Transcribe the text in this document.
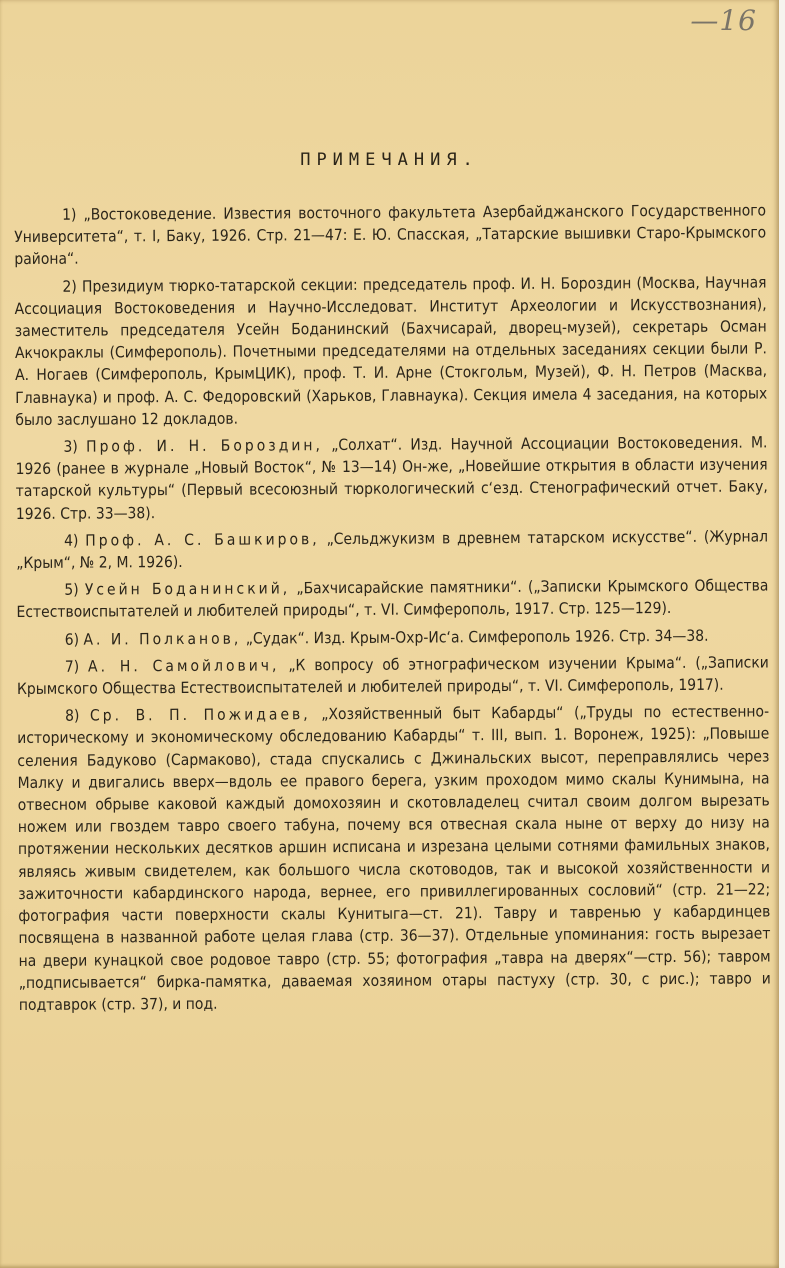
—16
ПРИМЕЧАНИЯ.

1) „Востоковедение. Известия восточного факультета Азербайджанского Государственного Университета“, т. I, Баку, 1926. Стр. 21—47: Е. Ю. Спасская, „Татарские вышивки Старо-Крымского района“.

2) Президиум тюрко-татарской секции: председатель проф. И. Н. Бороздин (Москва, Научная Ассоциация Востоковедения и Научно-Исследоват. Институт Археологии и Искусствознания), заместитель председателя Усейн Боданинский (Бахчисарай, дворец-музей), секретарь Осман Акчокраклы (Симферополь). Почетными председателями на отдельных заседаниях секции были Р. А. Ногаев (Симферополь, КрымЦИК), проф. Т. И. Арне (Стокгольм, Музей), Ф. Н. Петров (Масква, Главнаука) и проф. А. С. Федоровский (Харьков, Главнаука). Секция имела 4 заседания, на которых было заслушано 12 докладов.

3) Проф. И. Н. Бороздин, „Солхат“. Изд. Научной Ассоциации Востоковедения. М. 1926 (ранее в журнале „Новый Восток“, № 13—14) Он-же, „Новейшие открытия в области изучения татарской культуры“ (Первый всесоюзный тюркологический с‘езд. Стенографический отчет. Баку, 1926. Стр. 33—38).

4) Проф. А. С. Башкиров, „Сельджукизм в древнем татарском искусстве“. (Журнал „Крым“, № 2, М. 1926).

5) Усейн Боданинский, „Бахчисарайские памятники“. („Записки Крымского Общества Естествоиспытателей и любителей природы“, т. VI. Симферополь, 1917. Стр. 125—129).

6) А. И. Полканов, „Судак“. Изд. Крым-Охр-Ис‘а. Симферополь 1926. Стр. 34—38.

7) А. Н. Самойлович, „К вопросу об этнографическом изучении Крыма“. („Записки Крымского Общества Естествоиспытателей и любителей природы“, т. VI. Симферополь, 1917).

8) Ср. В. П. Пожидаев, „Хозяйственный быт Кабарды“ („Труды по естественно-историческому и экономическому обследованию Кабарды“ т. III, вып. 1. Воронеж, 1925): „Повыше селения Бадуково (Сармаково), стада спускались с Джинальских высот, переправлялись через Малку и двигались вверх—вдоль ее правого берега, узким проходом мимо скалы Кунимына, на отвесном обрыве каковой каждый домохозяин и скотовладелец считал своим долгом вырезать ножем или гвоздем тавро своего табуна, почему вся отвесная скала ныне от верху до низу на протяжении нескольких десятков аршин исписана и изрезана целыми сотнями фамильных знаков, являясь живым свидетелем, как большого числа скотоводов, так и высокой хозяйственности и зажиточности кабардинского народа, вернее, его привиллегированных сословий“ (стр. 21—22; фотография части поверхности скалы Кунитыга—ст. 21). Тавру и тавренью у кабардинцев посвящена в названной работе целая глава (стр. 36—37). Отдельные упоминания: гость вырезает на двери кунацкой свое родовое тавро (стр. 55; фотография „тавра на дверях“—стр. 56); тавром „подписывается“ бирка-памятка, даваемая хозяином отары пастуху (стр. 30, с рис.); тавро и подтаврок (стр. 37), и под.
